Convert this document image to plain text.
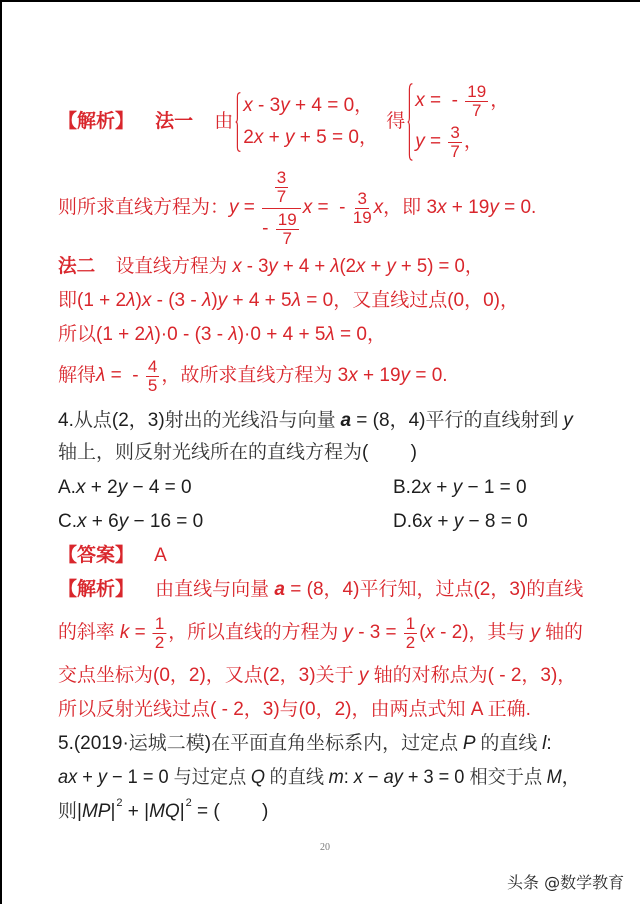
【解析】
法一 由
x - 3 y + 4 = 0，
2 x + y + 5 = 0，
得
x =  - $\frac{19}{7}$ ，
$y = \frac{3}{7}$ ，
则所求直线方程为： $y = \frac{\frac{3}{7}}{- \frac{19}{7}}$ x =  - $\frac{3}{19}$ x ，即 3 x + 19 y = 0.
法二 设直线方程为 x - 3 y + 4 + λ (2 x + y + 5) = 0，
即(1 + 2 λ ) x - (3 - λ ) y + 4 + 5 λ = 0， 又直线过点(0，0)，
所以(1 + 2 λ )·0 - (3 - λ )·0 + 4 + 5 λ = 0，
解得 λ =  - $\frac{4}{5}$ ，故所求直线方程为 3 x + 19 y = 0.
4. 从点 (2，3) 射出的光线沿与向量 a = (8，4) 平行的直线射到 y
轴上，则反射光线所在的直线方程为 (        )
A. x + 2 y − 4 = 0	B.2 x + y − 1 = 0
C. x + 6 y − 16 = 0	D.6 x + y − 8 = 0
【答案】 A
【解析】 由直线与向量 a = (8，4) 平行知，过点(2，3)的直线
的斜率 $k = \frac{1}{2}$ ，所以直线的方程为 $y - 3 = \frac{1}{2}$ ( x - 2) ，其与 y 轴的
交点坐标为(0，2)，又点(2，3)关于 y 轴的对称点为( - 2，3)，
所以反射光线过点( - 2，3)与(0，2)，由两点式知 A 正确.
5.(2019· 运城二模 ) 在平面直角坐标系内，过定点 P 的直线 l :
ax + y − 1 = 0 与过定点 Q 的直线 m : x − ay + 3 = 0 相交于点 M ，
则 | MP | 2 + | MQ | 2 = (        )
20
头条 @数学教育
